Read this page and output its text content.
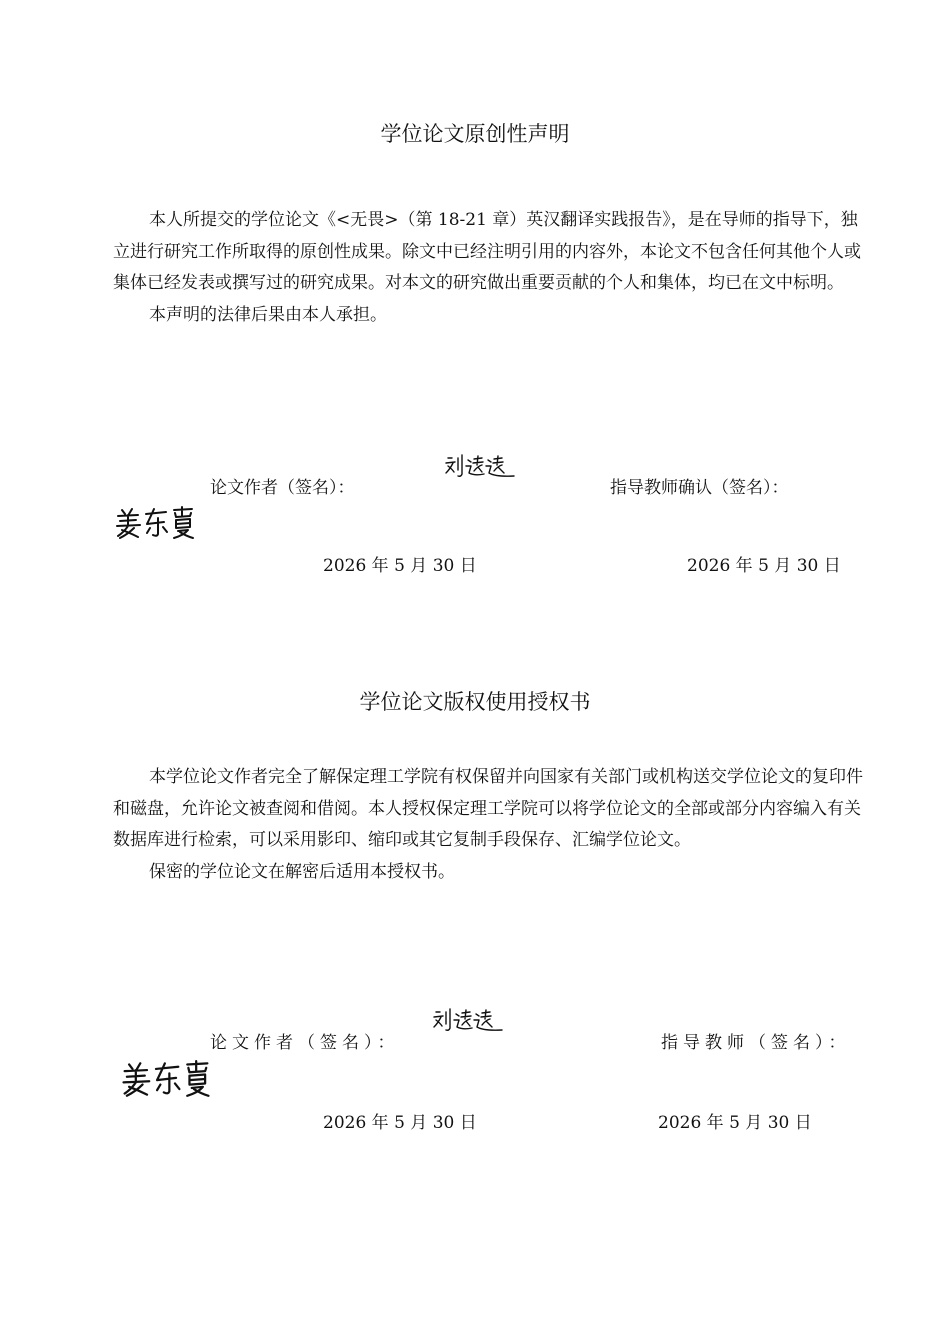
学位论文原创性声明

本人所提交的学位论文《<无畏>（第 18-21 章）英汉翻译实践报告》，是在导师的指导下，独立进行研究工作所取得的原创性成果。除文中已经注明引用的内容外，本论文不包含任何其他个人或集体已经发表或撰写过的研究成果。对本文的研究做出重要贡献的个人和集体，均已在文中标明。

本声明的法律后果由本人承担。

论文作者（签名）：	指导教师确认（签名）：
2026 年 5 月 30 日	2026 年 5 月 30 日
学位论文版权使用授权书

本学位论文作者完全了解保定理工学院有权保留并向国家有关部门或机构送交学位论文的复印件和磁盘，允许论文被查阅和借阅。本人授权保定理工学院可以将学位论文的全部或部分内容编入有关数据库进行检索，可以采用影印、缩印或其它复制手段保存、汇编学位论文。

保密的学位论文在解密后适用本授权书。

论文作者（签名）：	指导教师（签名）：
2026 年 5 月 30 日	2026 年 5 月 30 日
